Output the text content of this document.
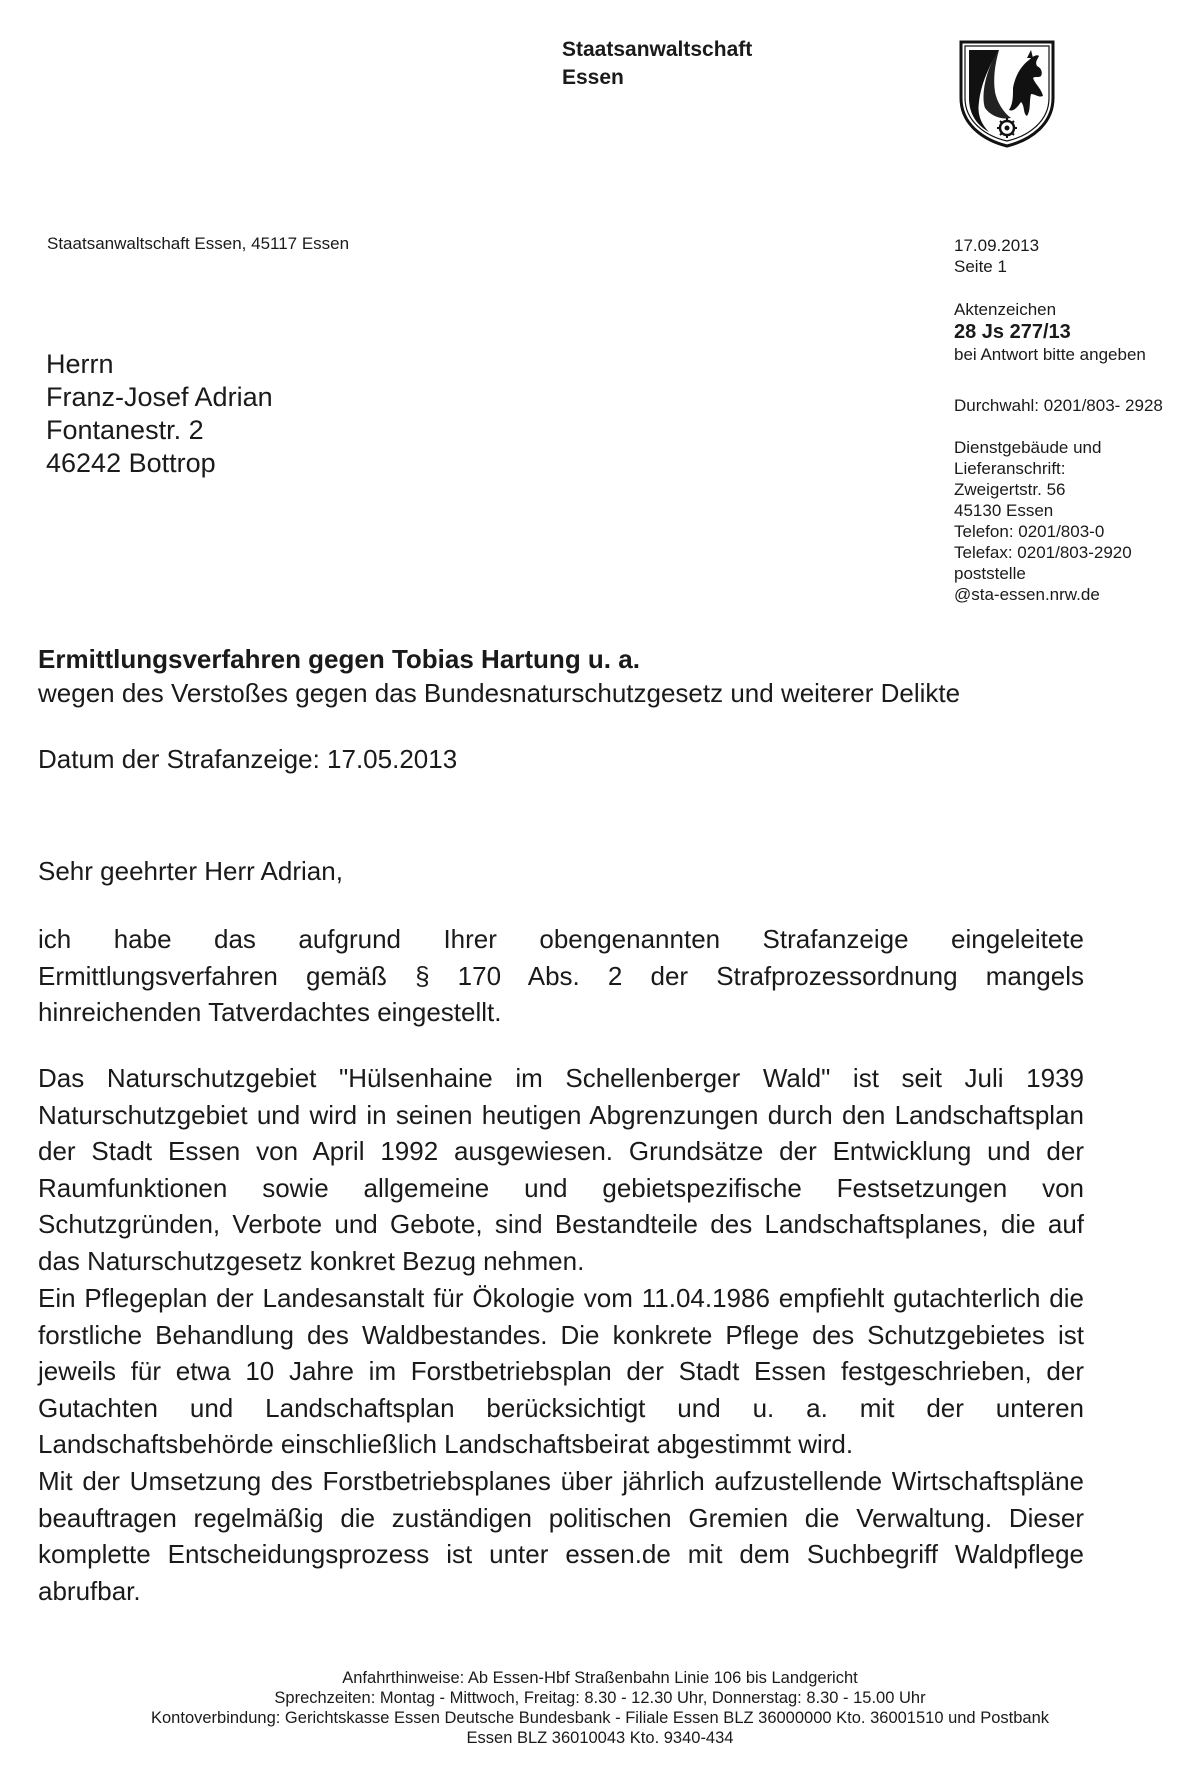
Staatsanwaltschaft
Essen
Staatsanwaltschaft Essen, 45117 Essen
Herrn
Franz-Josef Adrian
Fontanestr. 2
46242 Bottrop
17.09.2013
Seite 1
Aktenzeichen
28 Js 277/13
bei Antwort bitte angeben
Durchwahl: 0201/803- 2928
Dienstgebäude und
Lieferanschrift:
Zweigertstr. 56
45130 Essen
Telefon: 0201/803-0
Telefax: 0201/803-2920
poststelle
@sta-essen.nrw.de
Ermittlungsverfahren gegen Tobias Hartung u. a.
wegen des Verstoßes gegen das Bundesnaturschutzgesetz und weiterer Delikte
Datum der Strafanzeige: 17.05.2013
Sehr geehrter Herr Adrian,

ich habe das aufgrund Ihrer obengenannten Strafanzeige eingeleitete Ermittlungsverfahren gemäß § 170 Abs. 2 der Strafprozessordnung mangels hinreichenden Tatverdachtes eingestellt.

Das Naturschutzgebiet "Hülsenhaine im Schellenberger Wald" ist seit Juli 1939 Naturschutzgebiet und wird in seinen heutigen Abgrenzungen durch den Landschaftsplan der Stadt Essen von April 1992 ausgewiesen. Grundsätze der Entwicklung und der Raumfunktionen sowie allgemeine und gebietspezifische Festsetzungen von Schutzgründen, Verbote und Gebote, sind Bestandteile des Landschaftsplanes, die auf das Naturschutzgesetz konkret Bezug nehmen.

Ein Pflegeplan der Landesanstalt für Ökologie vom 11.04.1986 empfiehlt gutachterlich die forstliche Behandlung des Waldbestandes. Die konkrete Pflege des Schutzgebietes ist jeweils für etwa 10 Jahre im Forstbetriebsplan der Stadt Essen festgeschrieben, der Gutachten und Landschaftsplan berücksichtigt und u. a. mit der unteren Landschaftsbehörde einschließlich Landschaftsbeirat abgestimmt wird.

Mit der Umsetzung des Forstbetriebsplanes über jährlich aufzustellende Wirtschaftspläne beauftragen regelmäßig die zuständigen politischen Gremien die Verwaltung. Dieser komplette Entscheidungsprozess ist unter essen.de mit dem Suchbegriff Waldpflege abrufbar.

Anfahrthinweise: Ab Essen-Hbf Straßenbahn Linie 106 bis Landgericht
Sprechzeiten: Montag - Mittwoch, Freitag: 8.30 - 12.30 Uhr, Donnerstag: 8.30 - 15.00 Uhr
Kontoverbindung: Gerichtskasse Essen Deutsche Bundesbank - Filiale Essen BLZ 36000000 Kto. 36001510 und Postbank
Essen BLZ 36010043 Kto. 9340-434
